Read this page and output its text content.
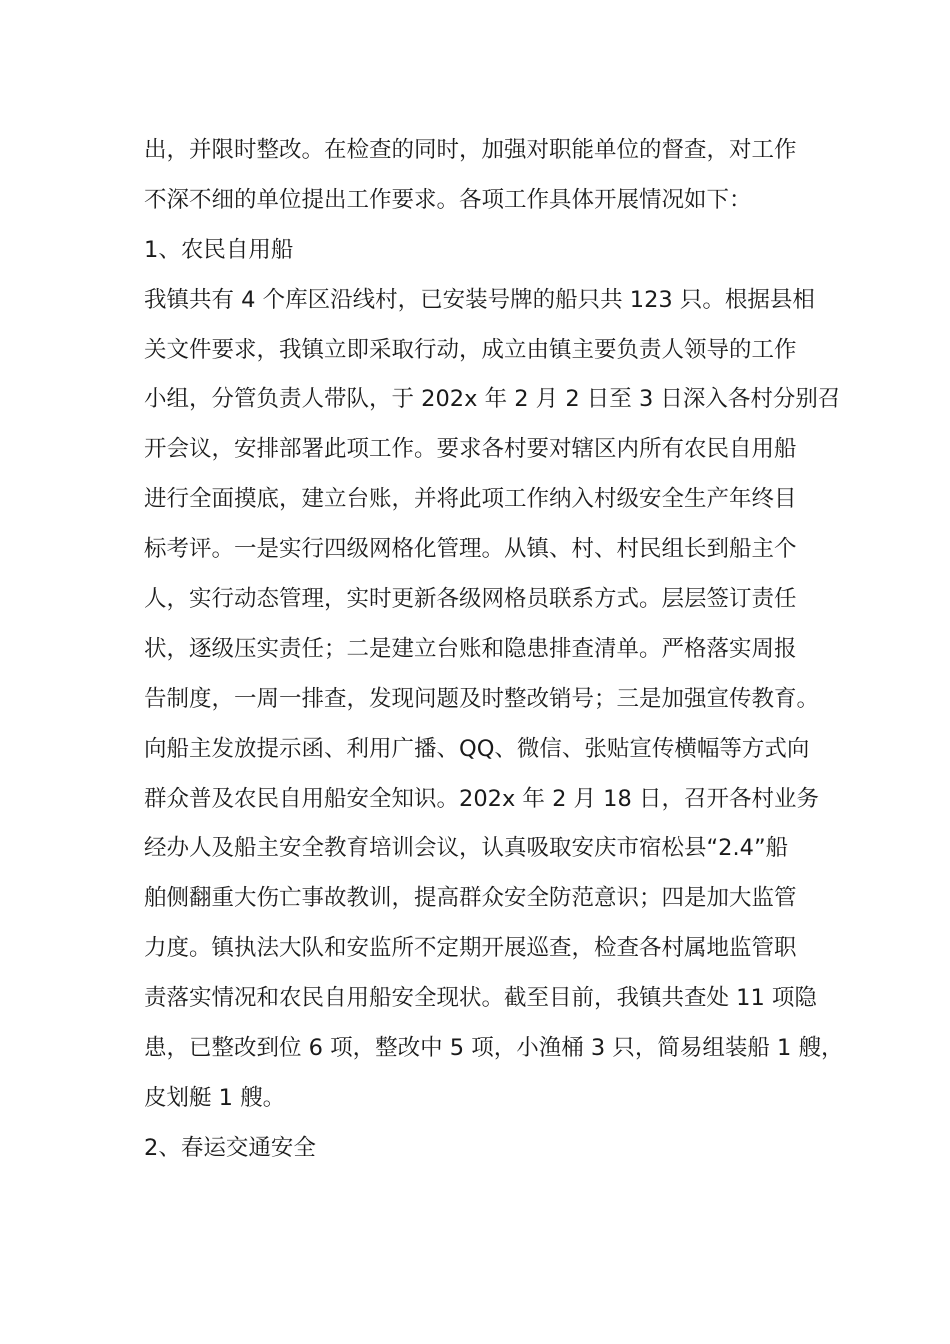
出，并限时整改。在检查的同时，加强对职能单位的督查，对工作
不深不细的单位提出工作要求。各项工作具体开展情况如下：
1、农民自用船
我镇共有 4 个库区沿线村，已安装号牌的船只共 123 只。根据县相
关文件要求，我镇立即采取行动，成立由镇主要负责人领导的工作
小组，分管负责人带队，于 202x 年 2 月 2 日至 3 日深入各村分别召
开会议，安排部署此项工作。要求各村要对辖区内所有农民自用船
进行全面摸底，建立台账，并将此项工作纳入村级安全生产年终目
标考评。一是实行四级网格化管理。从镇、村、村民组长到船主个
人，实行动态管理，实时更新各级网格员联系方式。层层签订责任
状，逐级压实责任；二是建立台账和隐患排查清单。严格落实周报
告制度，一周一排查，发现问题及时整改销号；三是加强宣传教育。
向船主发放提示函、利用广播、QQ、微信、张贴宣传横幅等方式向
群众普及农民自用船安全知识。202x 年 2 月 18 日，召开各村业务
经办人及船主安全教育培训会议，认真吸取安庆市宿松县“2.4”船
舶侧翻重大伤亡事故教训，提高群众安全防范意识；四是加大监管
力度。镇执法大队和安监所不定期开展巡查，检查各村属地监管职
责落实情况和农民自用船安全现状。截至目前，我镇共查处 11 项隐
患，已整改到位 6 项，整改中 5 项，小渔桶 3 只，简易组装船 1 艘，
皮划艇 1 艘。
2、春运交通安全
